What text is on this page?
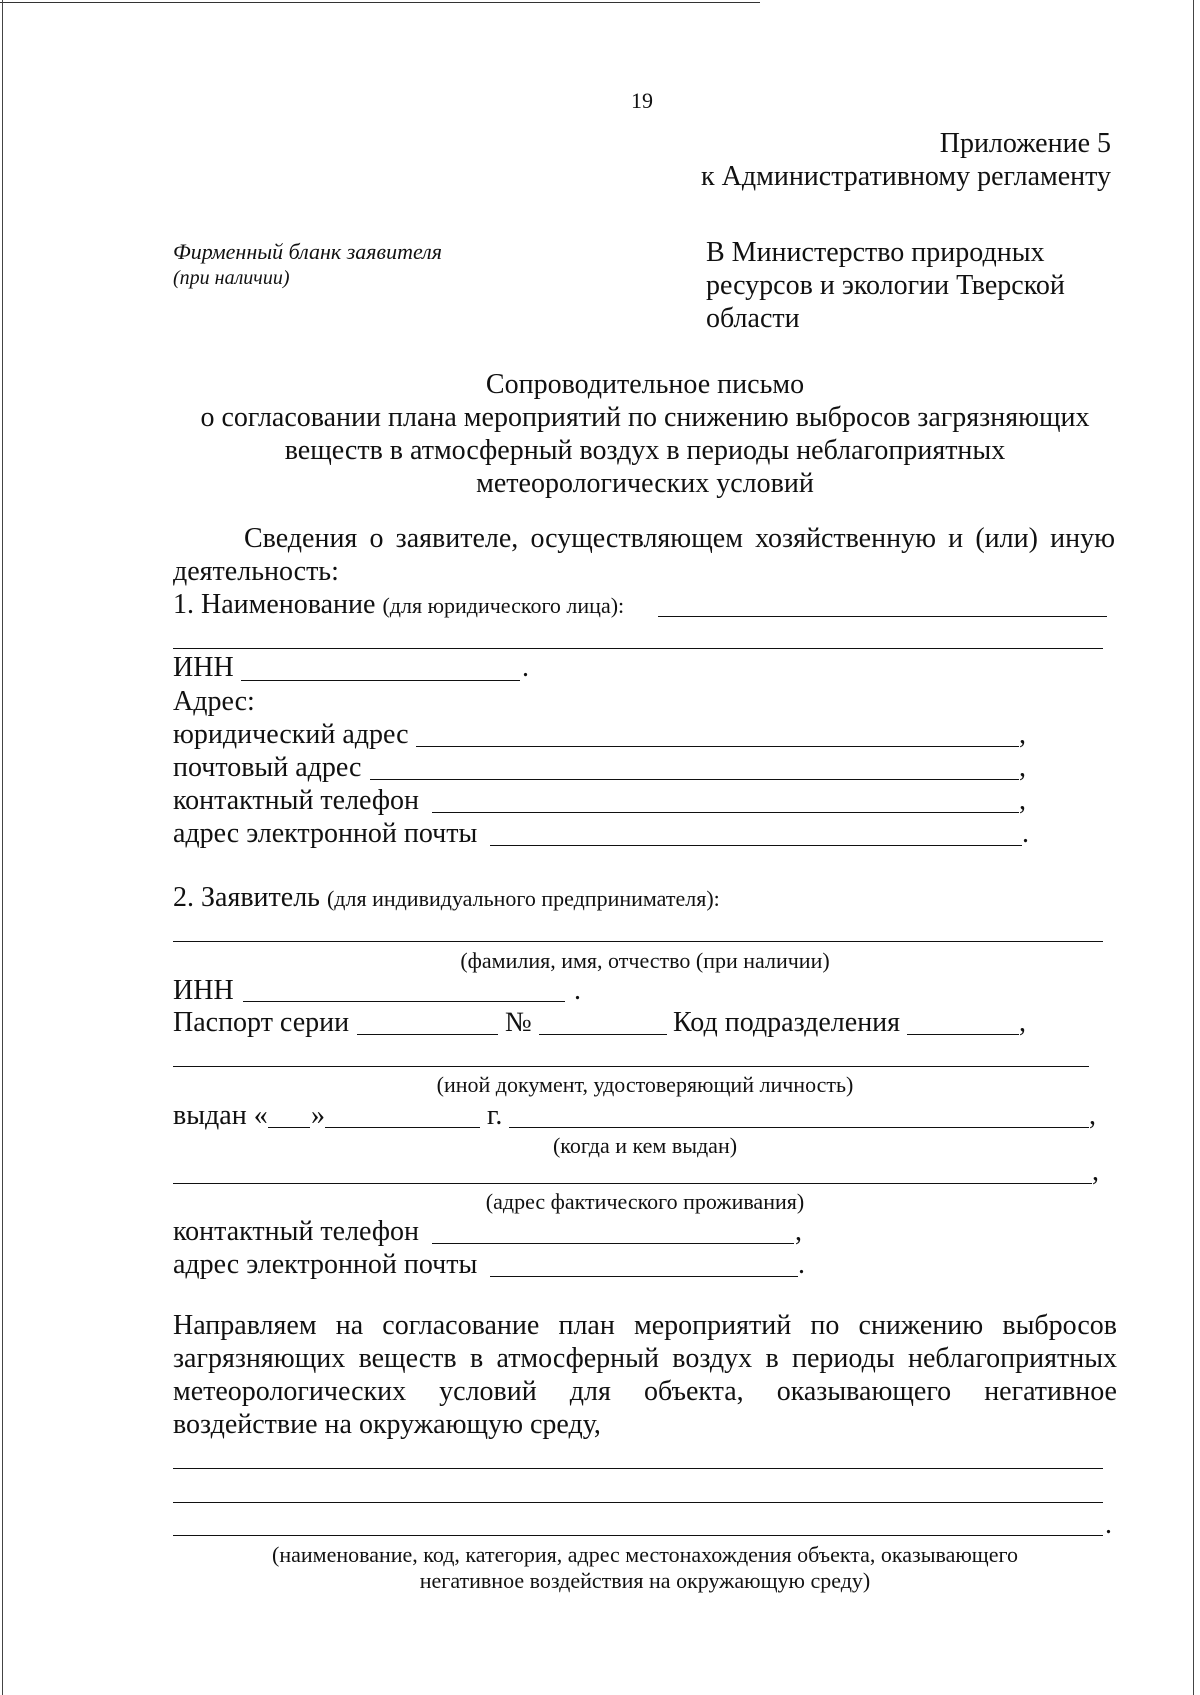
19
Приложение 5
к Административному регламенту
Фирменный бланк заявителя
(при наличии)
В Министерство природных
ресурсов и экологии Тверской
области
Сопроводительное письмо
о согласовании плана мероприятий по снижению выбросов загрязняющих
веществ в атмосферный воздух в периоды неблагоприятных
метеорологических условий
Сведения о заявителе, осуществляющем хозяйственную и (или) иную
деятельность:
1. Наименование (для юридического лица):
ИНН	.
Адрес:
юридический адрес	,
почтовый адрес	,
контактный телефон	,
адрес электронной почты	.
2. Заявитель (для индивидуального предпринимателя):
(фамилия, имя, отчество (при наличии)
ИНН	.
Паспорт серии	№	Код подразделения	,
(иной документ, удостоверяющий личность)
выдан « »	г.	,
(когда и кем выдан)
,
(адрес фактического проживания)
контактный телефон	,
адрес электронной почты	.
Направляем на согласование план мероприятий по снижению выбросов
загрязняющих веществ в атмосферный воздух в периоды неблагоприятных
метеорологических условий для объекта, оказывающего негативное
воздействие на окружающую среду,
.
(наименование, код, категория, адрес местонахождения объекта, оказывающего
негативное воздействия на окружающую среду)
